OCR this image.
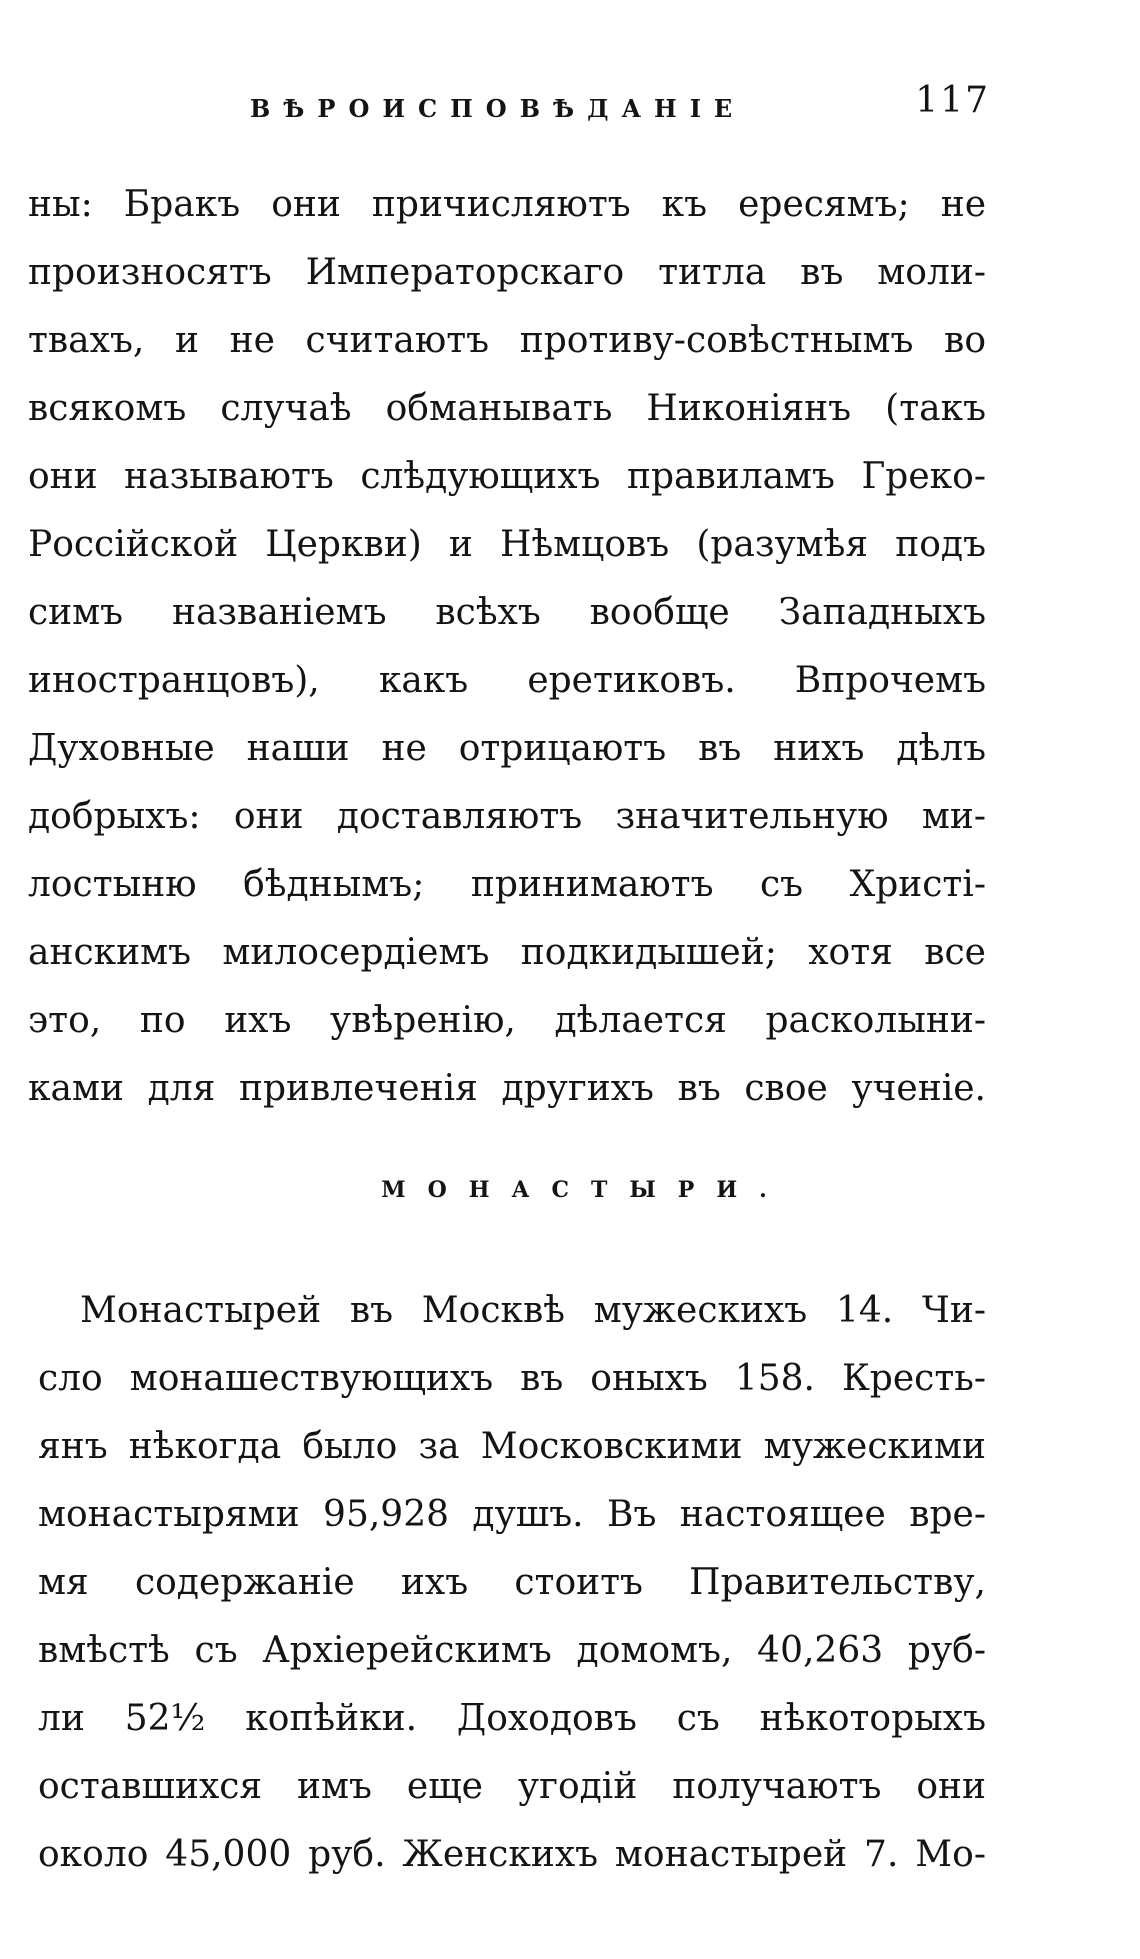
ВѢРОИСПОВѢДАНІЕ	117
ны: Бракъ они причисляютъ къ ересямъ; не
произносятъ Императорскаго титла въ моли-
твахъ, и не считаютъ противу-совѣстнымъ во
всякомъ случаѣ обманывать Никоніянъ (такъ
они называютъ слѣдующихъ правиламъ Греко-
Россійской Церкви) и Нѣмцовъ (разумѣя подъ
симъ названіемъ всѣхъ вообще Западныхъ
иностранцовъ), какъ еретиковъ. Впрочемъ
Духовные наши не отрицаютъ въ нихъ дѣлъ
добрыхъ: они доставляютъ значительную ми-
лостыню бѣднымъ; принимаютъ съ Христі-
анскимъ милосердіемъ подкидышей; хотя все
это, по ихъ увѣренію, дѣлается расколыни-
ками для привлеченія другихъ въ свое ученіе.
МОНАСТЫРИ.
Монастырей въ Москвѣ мужескихъ 14. Чи-
сло монашествующихъ въ оныхъ 158. Кресть-
янъ нѣкогда было за Московскими мужескими
монастырями 95,928 душъ. Въ настоящее вре-
мя содержаніе ихъ стоитъ Правительству,
вмѣстѣ съ Архіерейскимъ домомъ, 40,263 руб-
ли 52½ копѣйки. Доходовъ съ нѣкоторыхъ
оставшихся имъ еще угодій получаютъ они
около 45,000 руб. Женскихъ монастырей 7. Мо-
